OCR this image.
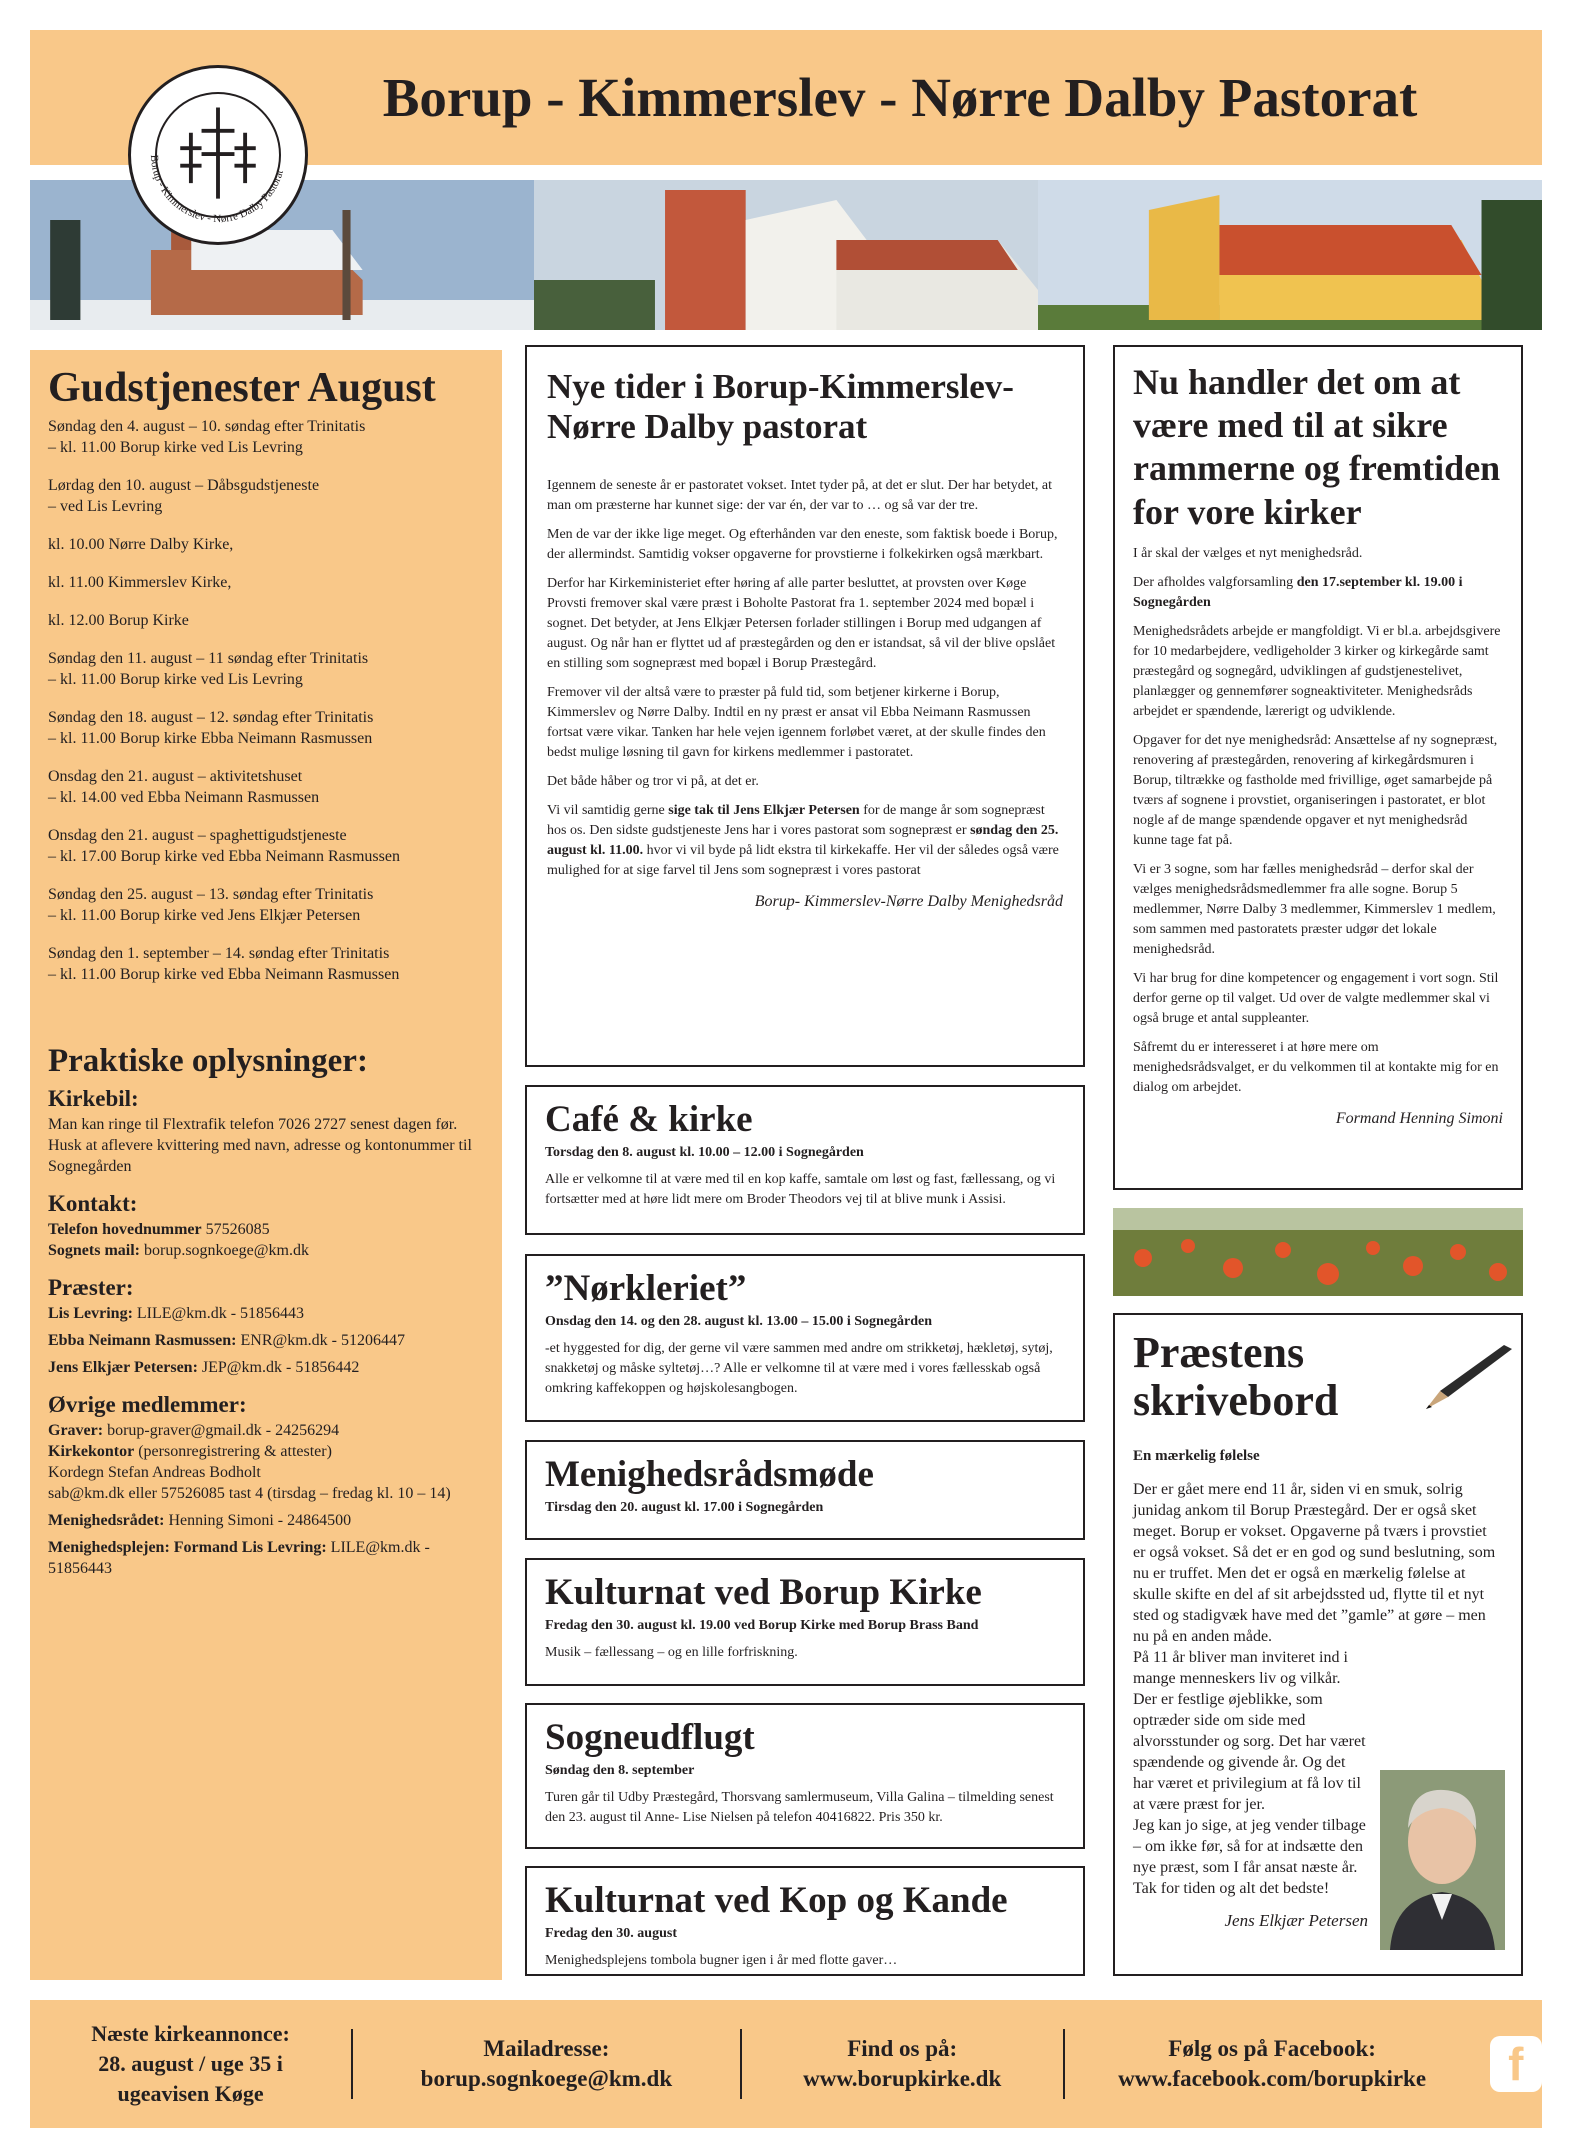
Borup - Kimmerslev - Nørre Dalby Pastorat
Borup - Kimmerslev - Nørre Dalby Pastorat
Gudstjenester August
Søndag den 4. august – 10. søndag efter Trinitatis
– kl. 11.00 Borup kirke ved Lis Levring
Lørdag den 10. august – Dåbsgudstjeneste
– ved Lis Levring
kl. 10.00 Nørre Dalby Kirke,
kl. 11.00 Kimmerslev Kirke,
kl. 12.00 Borup Kirke
Søndag den 11. august – 11 søndag efter Trinitatis
– kl. 11.00 Borup kirke ved Lis Levring
Søndag den 18. august – 12. søndag efter Trinitatis
– kl. 11.00 Borup kirke Ebba Neimann Rasmussen
Onsdag den 21. august – aktivitetshuset
– kl. 14.00 ved Ebba Neimann Rasmussen
Onsdag den 21. august – spaghettigudstjeneste
– kl. 17.00 Borup kirke ved Ebba Neimann Rasmussen
Søndag den 25. august – 13. søndag efter Trinitatis
– kl. 11.00 Borup kirke ved Jens Elkjær Petersen
Søndag den 1. september – 14. søndag efter Trinitatis
– kl. 11.00 Borup kirke ved Ebba Neimann Rasmussen
Praktiske oplysninger:
Kirkebil:
Man kan ringe til Flextrafik telefon 7026 2727 senest dagen før. Husk at aflevere kvittering med navn, adresse og kontonummer til Sognegården
Kontakt:
Telefon hovednummer 57526085
Sognets mail: borup.sognkoege@km.dk
Præster:
Lis Levring: LILE@km.dk - 51856443
Ebba Neimann Rasmussen: ENR@km.dk - 51206447
Jens Elkjær Petersen: JEP@km.dk - 51856442
Øvrige medlemmer:
Graver: borup-graver@gmail.dk - 24256294
Kirkekontor (personregistrering & attester)
Kordegn Stefan Andreas Bodholt
sab@km.dk eller 57526085 tast 4 (tirsdag – fredag kl. 10 – 14)
Menighedsrådet: Henning Simoni - 24864500
Menighedsplejen: Formand Lis Levring: LILE@km.dk - 51856443
Nye tider i Borup-Kimmerslev-Nørre Dalby pastorat

Igennem de seneste år er pastoratet vokset. Intet tyder på, at det er slut. Der har betydet, at man om præsterne har kunnet sige: der var én, der var to … og så var der tre.

Men de var der ikke lige meget. Og efterhånden var den eneste, som faktisk boede i Borup, der allermindst. Samtidig vokser opgaverne for provstierne i folkekirken også mærkbart.

Derfor har Kirkeministeriet efter høring af alle parter besluttet, at provsten over Køge Provsti fremover skal være præst i Boholte Pastorat fra 1. september 2024 med bopæl i sognet. Det betyder, at Jens Elkjær Petersen forlader stillingen i Borup med udgangen af august. Og når han er flyttet ud af præstegården og den er istandsat, så vil der blive opslået en stilling som sognepræst med bopæl i Borup Præstegård.

Fremover vil der altså være to præster på fuld tid, som betjener kirkerne i Borup, Kimmerslev og Nørre Dalby. Indtil en ny præst er ansat vil Ebba Neimann Rasmussen fortsat være vikar. Tanken har hele vejen igennem forløbet været, at der skulle findes den bedst mulige løsning til gavn for kirkens medlemmer i pastoratet.

Det både håber og tror vi på, at det er.

Vi vil samtidig gerne sige tak til Jens Elkjær Petersen for de mange år som sognepræst hos os. Den sidste gudstjeneste Jens har i vores pastorat som sognepræst er søndag den 25. august kl. 11.00. hvor vi vil byde på lidt ekstra til kirkekaffe. Her vil der således også være mulighed for at sige farvel til Jens som sognepræst i vores pastorat

Borup- Kimmerslev-Nørre Dalby Menighedsråd
Café & kirke
Torsdag den 8. august kl. 10.00 – 12.00 i Sognegården
Alle er velkomne til at være med til en kop kaffe, samtale om løst og fast, fællessang, og vi fortsætter med at høre lidt mere om Broder Theodors vej til at blive munk i Assisi.
”Nørkleriet”
Onsdag den 14. og den 28. august kl. 13.00 – 15.00 i Sognegården
-et hyggested for dig, der gerne vil være sammen med andre om strikketøj, hækletøj, sytøj, snakketøj og måske syltetøj…? Alle er velkomne til at være med i vores fællesskab også omkring kaffekoppen og højskolesangbogen.
Menighedsrådsmøde
Tirsdag den 20. august kl. 17.00 i Sognegården
Kulturnat ved Borup Kirke
Fredag den 30. august kl. 19.00 ved Borup Kirke med Borup Brass Band
Musik – fællessang – og en lille forfriskning.
Sogneudflugt
Søndag den 8. september
Turen går til Udby Præstegård, Thorsvang samlermuseum, Villa Galina – tilmelding senest den 23. august til Anne- Lise Nielsen på telefon 40416822. Pris 350 kr.
Kulturnat ved Kop og Kande
Fredag den 30. august
Menighedsplejens tombola bugner igen i år med flotte gaver…
Nu handler det om at være med til at sikre rammerne og fremtiden for vore kirker

I år skal der vælges et nyt menighedsråd.

Der afholdes valgforsamling den 17.september kl. 19.00 i Sognegården

Menighedsrådets arbejde er mangfoldigt. Vi er bl.a. arbejdsgivere for 10 medarbejdere, vedligeholder 3 kirker og kirkegårde samt præstegård og sognegård, udviklingen af gudstjenestelivet, planlægger og gennemfører sogneaktiviteter. Menighedsråds arbejdet er spændende, lærerigt og udviklende.

Opgaver for det nye menighedsråd: Ansættelse af ny sognepræst, renovering af præstegården, renovering af kirkegårdsmuren i Borup, tiltrække og fastholde med frivillige, øget samarbejde på tværs af sognene i provstiet, organiseringen i pastoratet, er blot nogle af de mange spændende opgaver et nyt menighedsråd kunne tage fat på.

Vi er 3 sogne, som har fælles menighedsråd – derfor skal der vælges menighedsrådsmedlemmer fra alle sogne. Borup 5 medlemmer, Nørre Dalby 3 medlemmer, Kimmerslev 1 medlem, som sammen med pastoratets præster udgør det lokale menighedsråd.

Vi har brug for dine kompetencer og engagement i vort sogn. Stil derfor gerne op til valget. Ud over de valgte medlemmer skal vi også bruge et antal suppleanter.

Såfremt du er interesseret i at høre mere om menighedsrådsvalget, er du velkommen til at kontakte mig for en dialog om arbejdet.

Formand Henning Simoni
Præstens
skrivebord
En mærkelig følelse
Der er gået mere end 11 år, siden vi en smuk, solrig junidag ankom til Borup Præstegård. Der er også sket meget. Borup er vokset. Opgaverne på tværs i provstiet er også vokset. Så det er en god og sund beslutning, som nu er truffet. Men det er også en mærkelig følelse at skulle skifte en del af sit arbejdssted ud, flytte til et nyt sted og stadigvæk have med det ”gamle” at gøre – men nu på en anden måde.
På 11 år bliver man inviteret ind i mange menneskers liv og vilkår. Der er festlige øjeblikke, som optræder side om side med alvorsstunder og sorg. Det har været spændende og givende år. Og det har været et privilegium at få lov til at være præst for jer.
Jeg kan jo sige, at jeg vender tilbage – om ikke før, så for at indsætte den nye præst, som I får ansat næste år.
Tak for tiden og alt det bedste!
Jens Elkjær Petersen
Næste kirkeannonce:
28. august / uge 35 i
ugeavisen Køge
Mailadresse:
borup.sognkoege@km.dk
Find os på:
www.borupkirke.dk
Følg os på Facebook:
www.facebook.com/borupkirke	f
